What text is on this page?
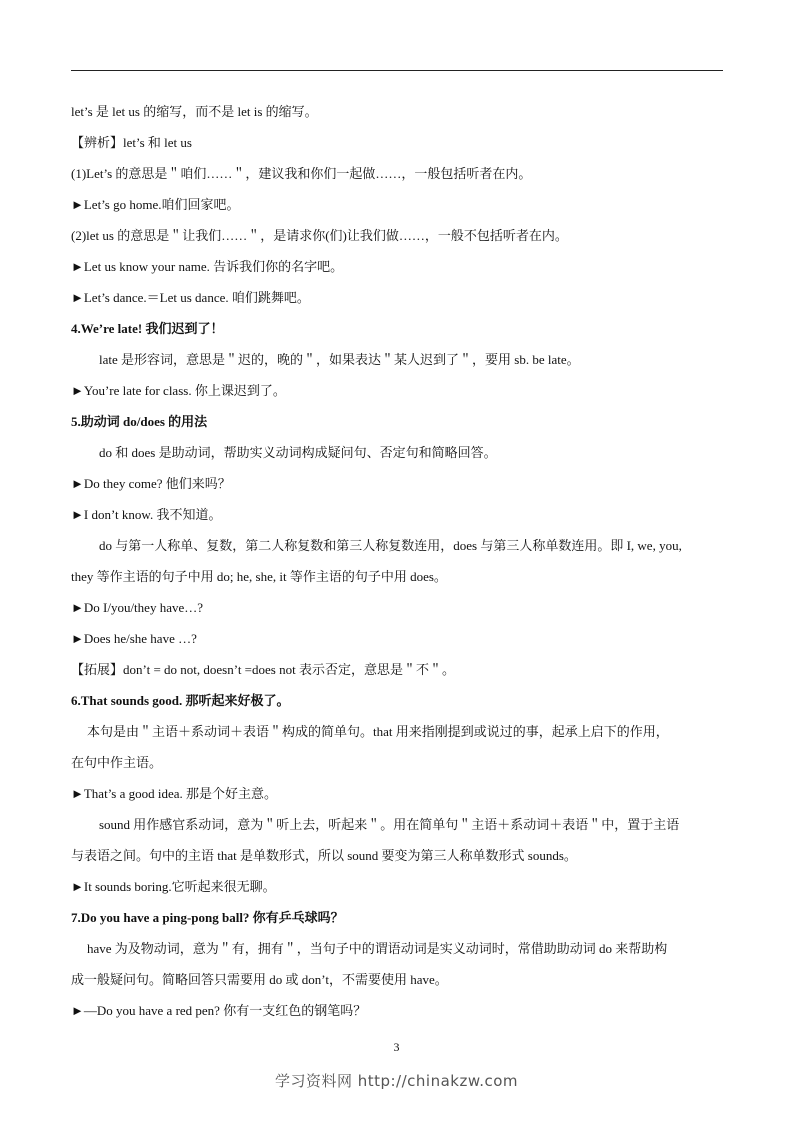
let’s 是 let us 的缩写，而不是 let is 的缩写。
【辨析】let’s 和 let us
(1)Let’s 的意思是＂咱们……＂，建议我和你们一起做……，一般包括听者在内。
►Let’s go home.咱们回家吧。
(2)let us 的意思是＂让我们……＂，是请求你(们)让我们做……，一般不包括听者在内。
►Let us know your name. 告诉我们你的名字吧。
►Let’s dance.＝Let us dance. 咱们跳舞吧。
4.We’re late! 我们迟到了！
late 是形容词，意思是＂迟的，晚的＂，如果表达＂某人迟到了＂，要用 sb. be late。
►You’re late for class. 你上课迟到了。
5.助动词 do/does 的用法
do 和 does 是助动词，帮助实义动词构成疑问句、否定句和简略回答。
►Do they come? 他们来吗？
►I don’t know. 我不知道。
do 与第一人称单、复数，第二人称复数和第三人称复数连用，does 与第三人称单数连用。即 I, we, you,
they 等作主语的句子中用 do; he, she, it 等作主语的句子中用 does。
►Do I/you/they have…?
►Does he/she have …?
【拓展】don’t = do not, doesn’t =does not 表示否定，意思是＂不＂。
6.That sounds good. 那听起来好极了。
本句是由＂主语＋系动词＋表语＂构成的简单句。that 用来指刚提到或说过的事，起承上启下的作用，
在句中作主语。
►That’s a good idea. 那是个好主意。
sound 用作感官系动词，意为＂听上去，听起来＂。用在简单句＂主语＋系动词＋表语＂中，置于主语
与表语之间。句中的主语 that 是单数形式，所以 sound 要变为第三人称单数形式 sounds。
►It sounds boring.它听起来很无聊。
7.Do you have a ping-pong ball? 你有乒乓球吗？
have 为及物动词，意为＂有，拥有＂，当句子中的谓语动词是实义动词时，常借助助动词 do 来帮助构
成一般疑问句。简略回答只需要用 do 或 don’t，不需要使用 have。
►—Do you have a red pen? 你有一支红色的钢笔吗？
3
学习资料网 http://chinakzw.com
